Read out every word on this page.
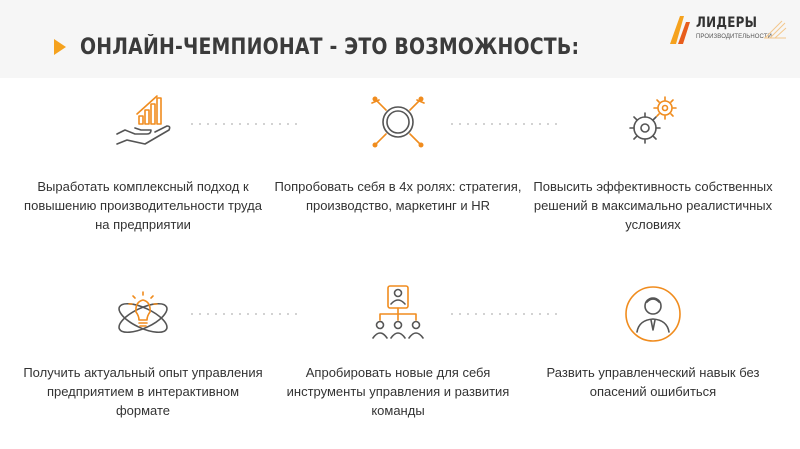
ОНЛАЙН-ЧЕМПИОНАТ - ЭТО ВОЗМОЖНОСТЬ:
ЛИДЕРЫ
ПРОИЗВОДИТЕЛЬНОСТИ
Выработать комплексный подход к
повышению производительности труда
на предприятии
Попробовать себя в 4х ролях: стратегия,
производство, маркетинг и HR
Повысить эффективность собственных
решений в максимально реалистичных
условиях
Получить актуальный опыт управления
предприятием в интерактивном
формате
Апробировать новые для себя
инструменты управления и развития
команды
Развить управленческий навык без
опасений ошибиться
